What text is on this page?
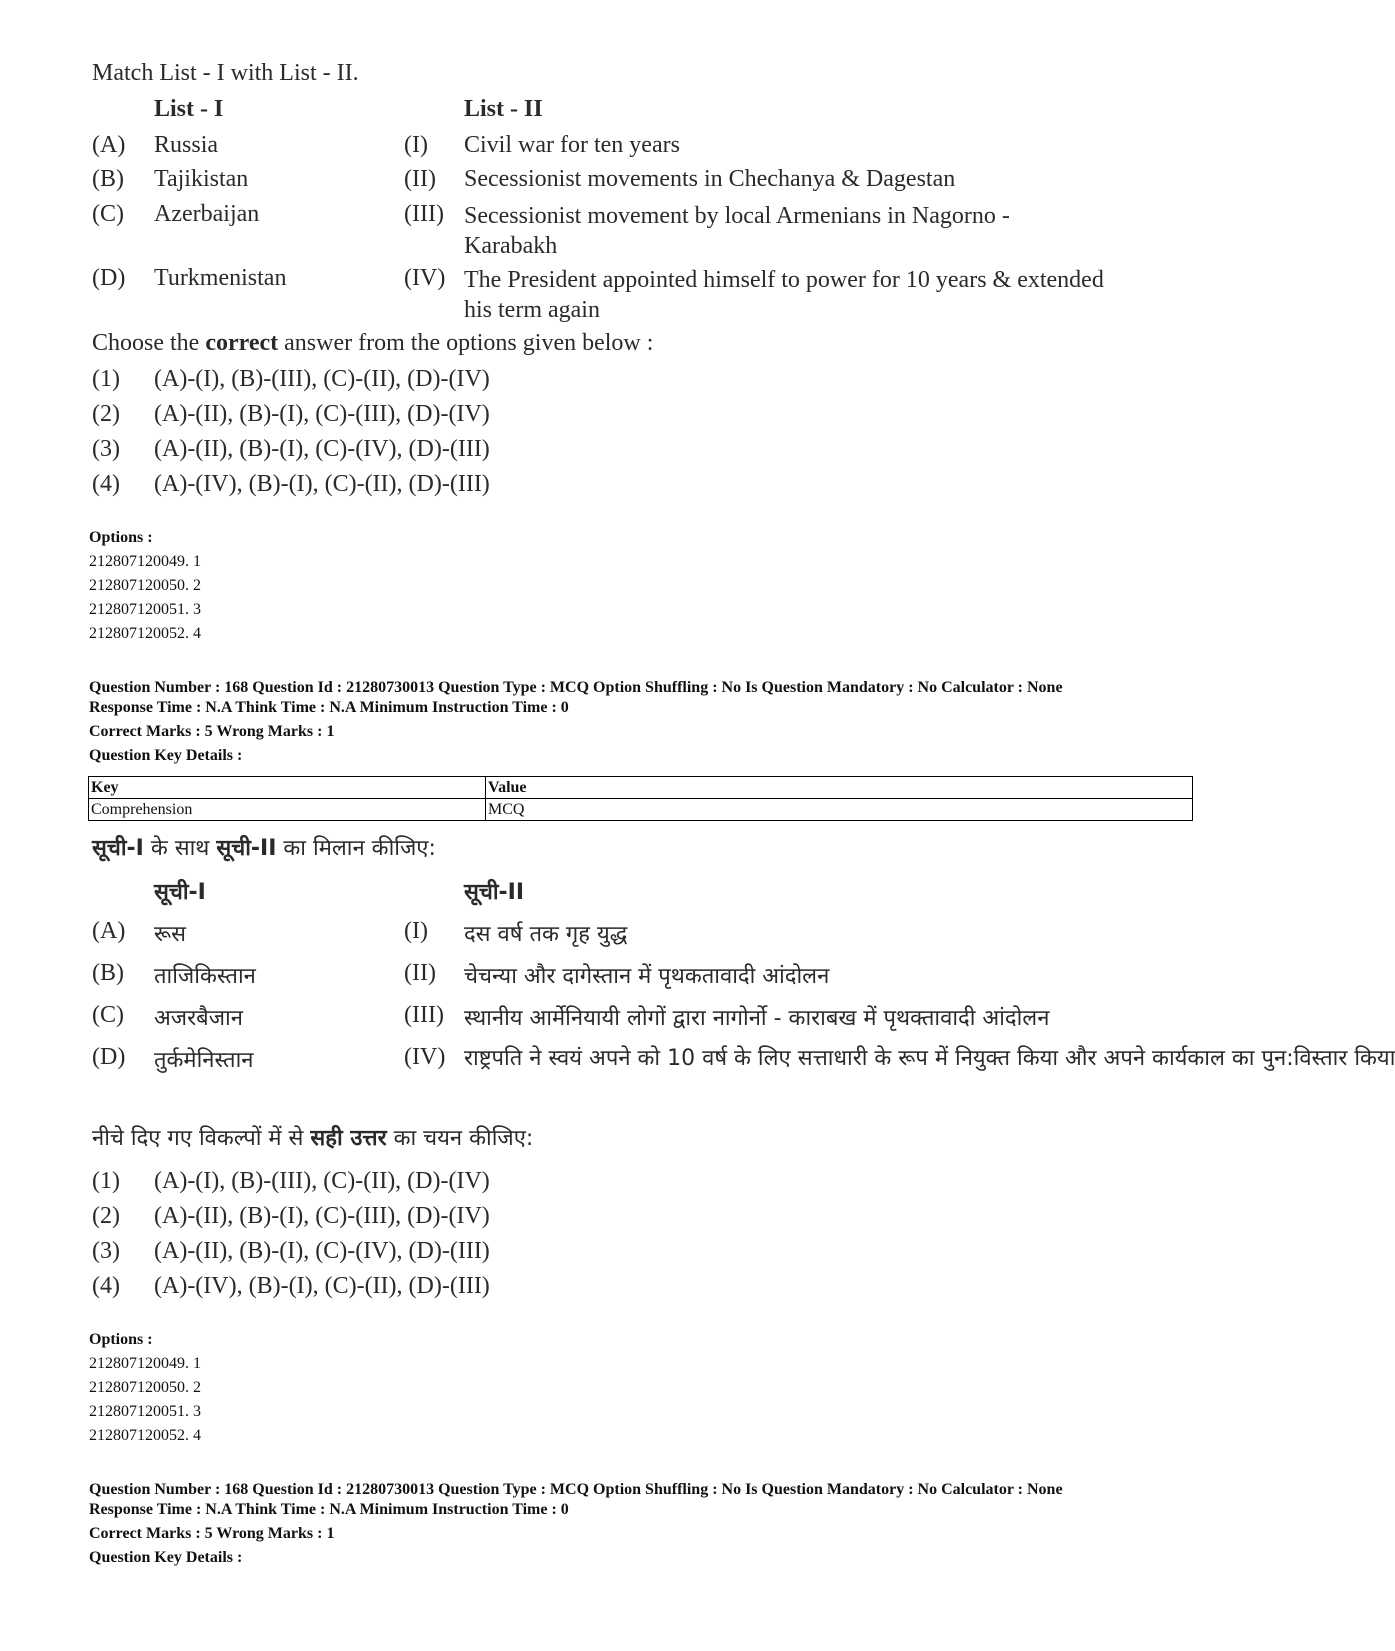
Match List - I with List - II.
List - I	List - II
(A) Russia	(I) Civil war for ten years
(B) Tajikistan	(II) Secessionist movements in Chechanya & Dagestan
(C) Azerbaijan	(III) Secessionist movement by local Armenians in Nagorno - Karabakh
(D) Turkmenistan	(IV) The President appointed himself to power for 10 years & extended his term again
Choose the correct answer from the options given below :
(1) (A)-(I), (B)-(III), (C)-(II), (D)-(IV)
(2) (A)-(II), (B)-(I), (C)-(III), (D)-(IV)
(3) (A)-(II), (B)-(I), (C)-(IV), (D)-(III)
(4) (A)-(IV), (B)-(I), (C)-(II), (D)-(III)
Options :
212807120049. 1
212807120050. 2
212807120051. 3
212807120052. 4
Question Number : 168 Question Id : 21280730013 Question Type : MCQ Option Shuffling : No Is Question Mandatory : No Calculator : None
Response Time : N.A Think Time : N.A Minimum Instruction Time : 0
Correct Marks : 5 Wrong Marks : 1
Question Key Details :
Key	Value
Comprehension	MCQ
सूची-I के साथ सूची-II का मिलान कीजिए:
सूची-I	सूची-II
(A) रूस	(I) दस वर्ष तक गृह युद्ध
(B) ताजिकिस्तान	(II) चेचन्या और दागेस्तान में पृथकतावादी आंदोलन
(C) अजरबैजान	(III) स्थानीय आर्मेनियायी लोगों द्वारा नागोर्नो - काराबख में पृथक्तावादी आंदोलन
(D) तुर्कमेनिस्तान	(IV) राष्ट्रपति ने स्वयं अपने को 10 वर्ष के लिए सत्ताधारी के रूप में नियुक्त किया और अपने कार्यकाल का पुन:विस्तार किया
नीचे दिए गए विकल्पों में से सही उत्तर का चयन कीजिए:
(1) (A)-(I), (B)-(III), (C)-(II), (D)-(IV)
(2) (A)-(II), (B)-(I), (C)-(III), (D)-(IV)
(3) (A)-(II), (B)-(I), (C)-(IV), (D)-(III)
(4) (A)-(IV), (B)-(I), (C)-(II), (D)-(III)
Options :
212807120049. 1
212807120050. 2
212807120051. 3
212807120052. 4
Question Number : 168 Question Id : 21280730013 Question Type : MCQ Option Shuffling : No Is Question Mandatory : No Calculator : None
Response Time : N.A Think Time : N.A Minimum Instruction Time : 0
Correct Marks : 5 Wrong Marks : 1
Question Key Details :
